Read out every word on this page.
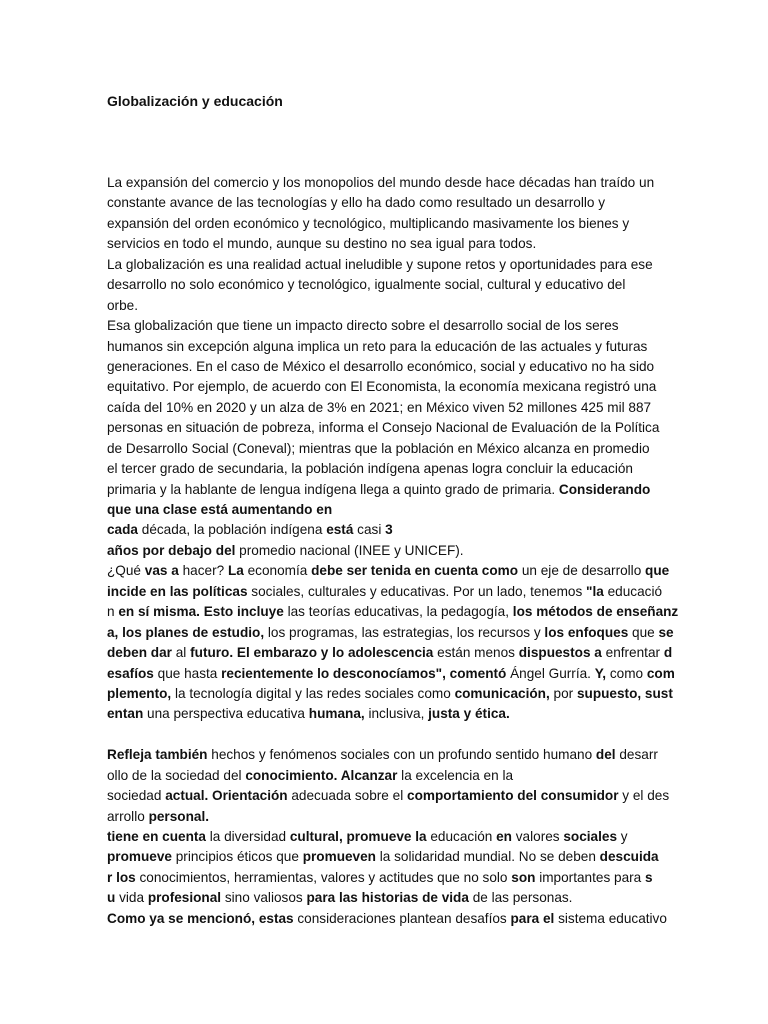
Globalización y educación
La expansión del comercio y los monopolios del mundo desde hace décadas han traído un
constante avance de las tecnologías y ello ha dado como resultado un desarrollo y
expansión del orden económico y tecnológico, multiplicando masivamente los bienes y
servicios en todo el mundo, aunque su destino no sea igual para todos.
La globalización es una realidad actual ineludible y supone retos y oportunidades para ese
desarrollo no solo económico y tecnológico, igualmente social, cultural y educativo del
orbe.
Esa globalización que tiene un impacto directo sobre el desarrollo social de los seres
humanos sin excepción alguna implica un reto para la educación de las actuales y futuras
generaciones. En el caso de México el desarrollo económico, social y educativo no ha sido
equitativo. Por ejemplo, de acuerdo con El Economista, la economía mexicana registró una
caída del 10% en 2020 y un alza de 3% en 2021; en México viven 52 millones 425 mil 887
personas en situación de pobreza, informa el Consejo Nacional de Evaluación de la Política
de Desarrollo Social (Coneval); mientras que la población en México alcanza en promedio
el tercer grado de secundaria, la población indígena apenas logra concluir la educación
primaria y la hablante de lengua indígena llega a quinto grado de primaria. Considerando
que una clase está aumentando en
cada década, la población indígena está casi 3
años por debajo del promedio nacional (INEE y UNICEF).
¿Qué vas a hacer? La economía debe ser tenida en cuenta como un eje de desarrollo que
incide en las políticas sociales, culturales y educativas. Por un lado, tenemos "la educació
n en sí misma. Esto incluye las teorías educativas, la pedagogía, los métodos de enseñanz
a, los planes de estudio, los programas, las estrategias, los recursos y los enfoques que se
deben dar al futuro. El embarazo y lo adolescencia están menos dispuestos a enfrentar d
esafíos que hasta recientemente lo desconocíamos", comentó Ángel Gurría. Y, como com
plemento, la tecnología digital y las redes sociales como comunicación, por supuesto, sust
entan una perspectiva educativa humana, inclusiva, justa y ética.
Refleja también hechos y fenómenos sociales con un profundo sentido humano del desarr
ollo de la sociedad del conocimiento. Alcanzar la excelencia en la
sociedad actual. Orientación adecuada sobre el comportamiento del consumidor y el des
arrollo personal.
tiene en cuenta la diversidad cultural, promueve la educación en valores sociales y
promueve principios éticos que promueven la solidaridad mundial. No se deben descuida
r los conocimientos, herramientas, valores y actitudes que no solo son importantes para s
u vida profesional sino valiosos para las historias de vida de las personas.
Como ya se mencionó, estas consideraciones plantean desafíos para el sistema educativo
